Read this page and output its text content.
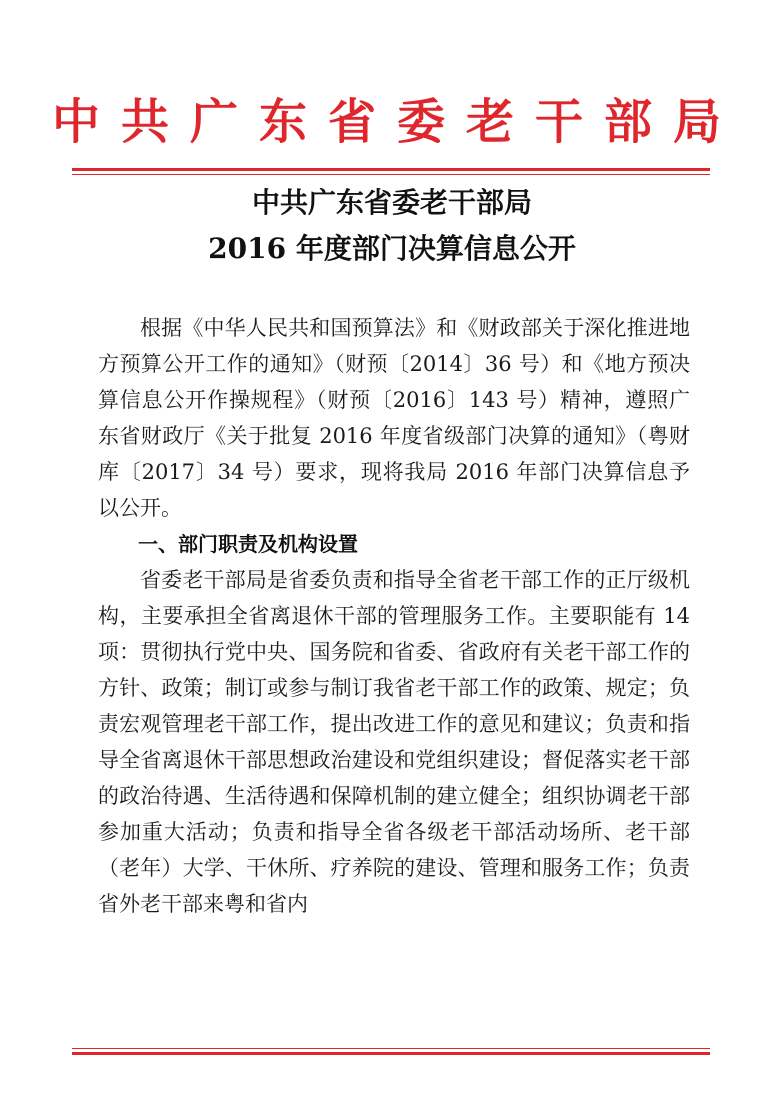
中共广东省委老干部局
中共广东省委老干部局
2016 年度部门决算信息公开

根据《中华人民共和国预算法》和《财政部关于深化推进地方预算公开工作的通知》（财预〔2014〕36 号）和《地方预决算信息公开作操规程》（财预〔2016〕143 号）精神，遵照广东省财政厅《关于批复 2016 年度省级部门决算的通知》（粤财库〔2017〕34 号）要求，现将我局 2016 年部门决算信息予以公开。

一、部门职责及机构设置

省委老干部局是省委负责和指导全省老干部工作的正厅级机构，主要承担全省离退休干部的管理服务工作。主要职能有 14 项：贯彻执行党中央、国务院和省委、省政府有关老干部工作的方针、政策；制订或参与制订我省老干部工作的政策、规定；负责宏观管理老干部工作，提出改进工作的意见和建议；负责和指导全省离退休干部思想政治建设和党组织建设；督促落实老干部的政治待遇、生活待遇和保障机制的建立健全；组织协调老干部参加重大活动；负责和指导全省各级老干部活动场所、老干部（老年）大学、干休所、疗养院的建设、管理和服务工作；负责省外老干部来粤和省内
